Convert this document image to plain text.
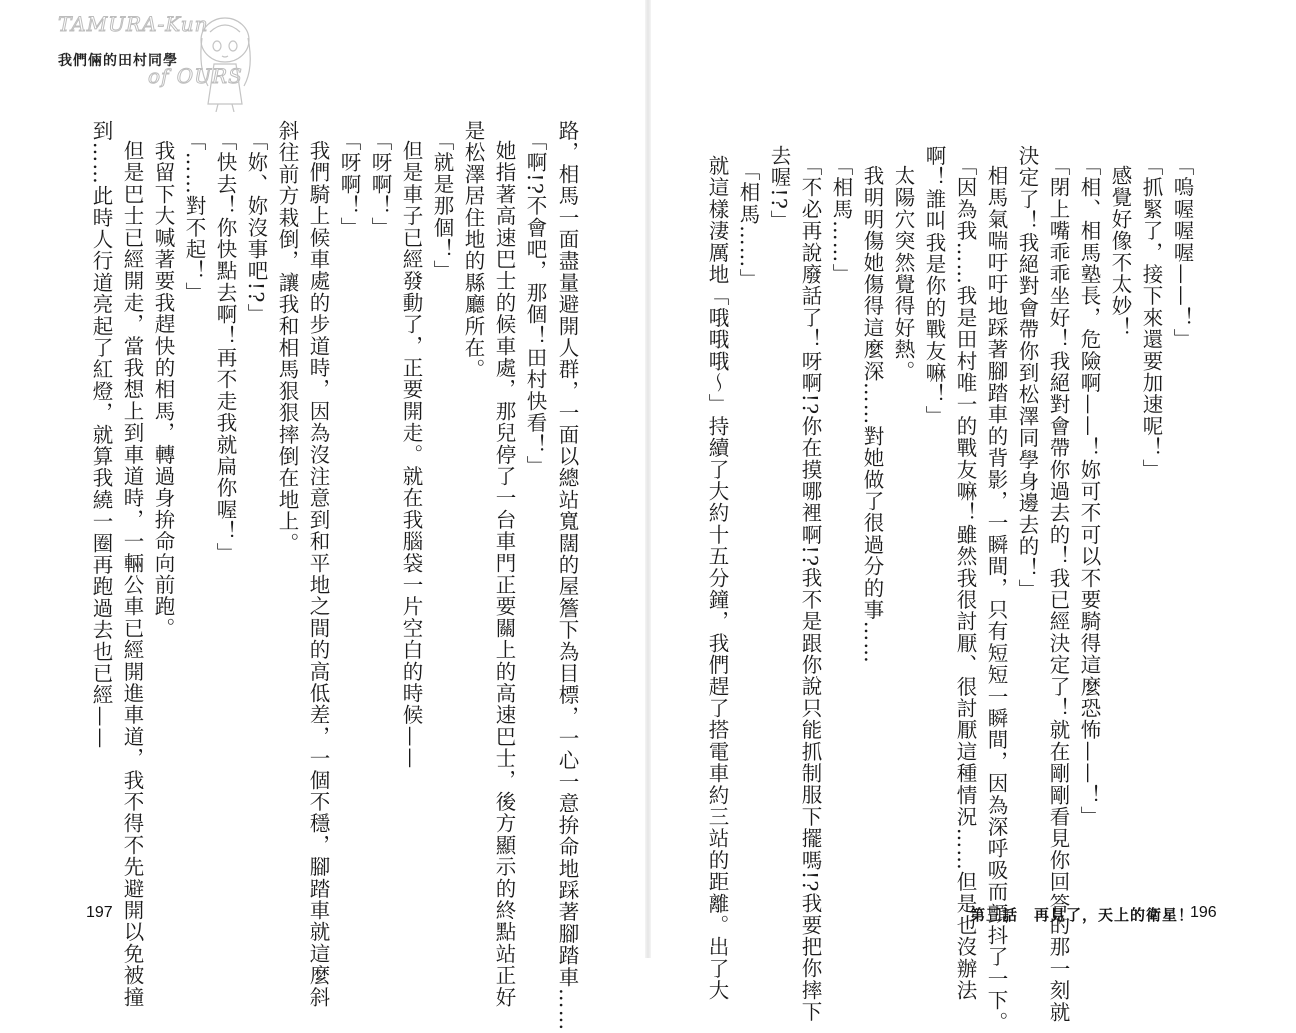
TAMURA-Kun
of OURS
我們倆的田村同學
路，相馬一面盡量避開人群，一面以總站寬闊的屋簷下為目標，一心一意拚命地踩著腳踏車……
「啊!?不會吧，那個！田村快看！」
她指著高速巴士的候車處，那兒停了一台車門正要關上的高速巴士，後方顯示的終點站正好
是松澤居住地的縣廳所在。
「就是那個！」
但是車子已經發動了，正要開走。就在我腦袋一片空白的時候——
「呀啊！」
「呀啊！」
我們騎上候車處的步道時，因為沒注意到和平地之間的高低差，一個不穩，腳踏車就這麼斜
斜往前方栽倒，讓我和相馬狠狠摔倒在地上。
「妳、妳沒事吧!?」
「快去！你快點去啊！再不走我就扁你喔！」
「……對不起！」
我留下大喊著要我趕快的相馬，轉過身拚命向前跑。
但是巴士已經開走，當我想上到車道時，一輛公車已經開進車道，我不得不先避開以免被撞
到……此時人行道亮起了紅燈，就算我繞一圈再跑過去也已經——
197
「嗚喔喔喔——！」
「抓緊了，接下來還要加速呢！」
感覺好像不太妙！
「相、相馬塾長，危險啊——！妳可不可以不要騎得這麼恐怖——！」
「閉上嘴乖乖坐好！我絕對會帶你過去的！我已經決定了！就在剛剛看見你回答的那一刻就
決定了！我絕對會帶你到松澤同學身邊去的！」
相馬氣喘吁吁地踩著腳踏車的背影，一瞬間，只有短短一瞬間，因為深呼吸而顫抖了一下。
「因為我……我是田村唯一的戰友嘛！雖然我很討厭、很討厭這種情況……但是也沒辦法
啊！誰叫我是你的戰友嘛！」
太陽穴突然覺得好熱。
我明明傷她傷得這麼深……對她做了很過分的事……
「相馬……」
「不必再說廢話了！呀啊!?你在摸哪裡啊!?我不是跟你說只能抓制服下擺嗎!?我要把你摔下
去喔!?」
「相馬……」
就這樣淒厲地「哦哦哦～」持續了大約十五分鐘，我們趕了搭電車約三站的距離。出了大	第三話　再見了，天上的衛星！
196
